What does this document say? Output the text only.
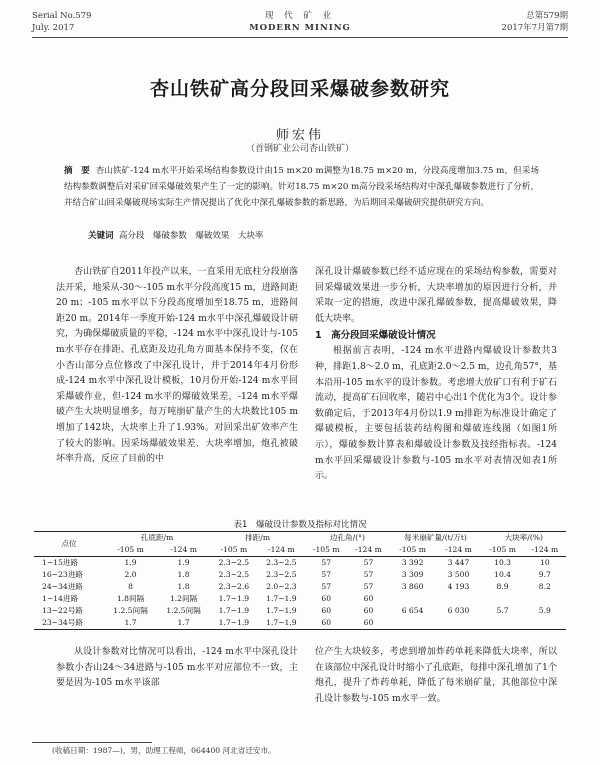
Serial No.579
July. 2017
现 代 矿 业
MODERN MINING
总第579期
2017年7月第7期
杏山铁矿高分段回采爆破参数研究
师宏伟
（首钢矿业公司杏山铁矿）
摘　要 杏山铁矿-124 m水平开始采场结构参数设计由15 m×20 m调整为18.75 m×20 m，分段高度增加3.75 m，但采场结构参数调整后对采矿回采爆破效果产生了一定的影响。针对18.75 m×20 m高分段采场结构对中深孔爆破参数进行了分析，并结合矿山回采爆破现场实际生产情况提出了优化中深孔爆破参数的新思路，为后期回采爆破研究提供研究方向。
关键词 高分段　爆破参数　爆破效果　大块率

杏山铁矿自2011年投产以来，一直采用无底柱分段崩落法开采，地采从-30～-105 m水平分段高度15 m，进路间距20 m；-105 m水平以下分段高度增加至18.75 m，进路间距20 m。2014年一季度开始-124 m水平中深孔爆破设计研究，为确保爆破质量的平稳，-124 m水平中深孔设计与-105 m水平存在排距、孔底距及边孔角方面基本保持不变，仅在小杏山部分点位修改了中深孔设计，并于2014年4月份形成-124 m水平中深孔设计模板，10月份开始-124 m水平回采爆破作业，但-124 m水平的爆破效果差，-124 m水平爆破产生大块明显增多，每万吨崩矿量产生的大块数比105 m增加了142块，大块率上升了1.93%。对回采出矿效率产生了较大的影响。因采场爆破效果差、大块率增加，炮孔被破坏率升高，反应了目前的中

深孔设计爆破参数已经不适应现在的采场结构参数，需要对回采爆破效果进一步分析，大块率增加的原因进行分析，并采取一定的措施，改进中深孔爆破参数，提高爆破效果，降低大块率。

1　高分段回采爆破设计情况

根据前言表明，-124 m水平进路内爆破设计参数共3种，排距1.8～2.0 m，孔底距2.0～2.5 m，边孔角57°，基本沿用-105 m水平的设计参数。考虑增大放矿口有利于矿石流动，提高矿石回收率，随岩中心出1个优化为3个。设计参数确定后，于2013年4月份以1.9 m排距为标准设计确定了爆破模板，主要包括装药结构图和爆破连线图（如图1所示），爆破参数计算表和爆破设计参数及技经指标表。-124 m水平回采爆破设计参数与-105 m水平对表情况如表1所示。

表1　爆破设计参数及指标对比情况
点位	孔底距/m		排距/m		边孔角/(°)		每米崩矿量/(t/万t)		大块率/(%)	
	-105 m	-124 m	-105 m	-124 m	-105 m	-124 m	-105 m	-124 m	-105 m	-124 m
1~15进路	1.9	1.9	2.3~2.5	2.3~2.5	57	57	3 392	3 447	10.3	10
16~23进路	2.0	1.8	2.3~2.5	2.3~2.5	57	57	3 309	3 500	10.4	9.7
24~34进路	8	1.8	2.3~2.6	2.0~2.3	57	57	3 860	4 193	8.9	8.2
1~14进路	1.8间隔	1.2间隔	1.7~1.9	1.7~1.9	60	60				
13~22号路	1.2.5间隔	1.2.5间隔	1.7~1.9	1.7~1.9	60	60	6 654	6 030	5.7	5.9
23~34号路	1.7	1.7	1.7~1.9	1.7~1.9	60	60				

从设计参数对比情况可以看出，-124 m水平中深孔设计参数小杏山24～34进路与-105 m水平对应部位不一致，主要是因为-105 m水平该部

位产生大块较多，考虑到增加炸药单耗来降低大块率，所以在该部位中深孔设计时缩小了孔底距，每排中深孔增加了1个炮孔，提升了炸药单耗，降低了每米崩矿量，其他部位中深孔设计参数与-105 m水平一致。

(收稿日期：1987—)，男，助理工程师，064400 河北省迁安市。
